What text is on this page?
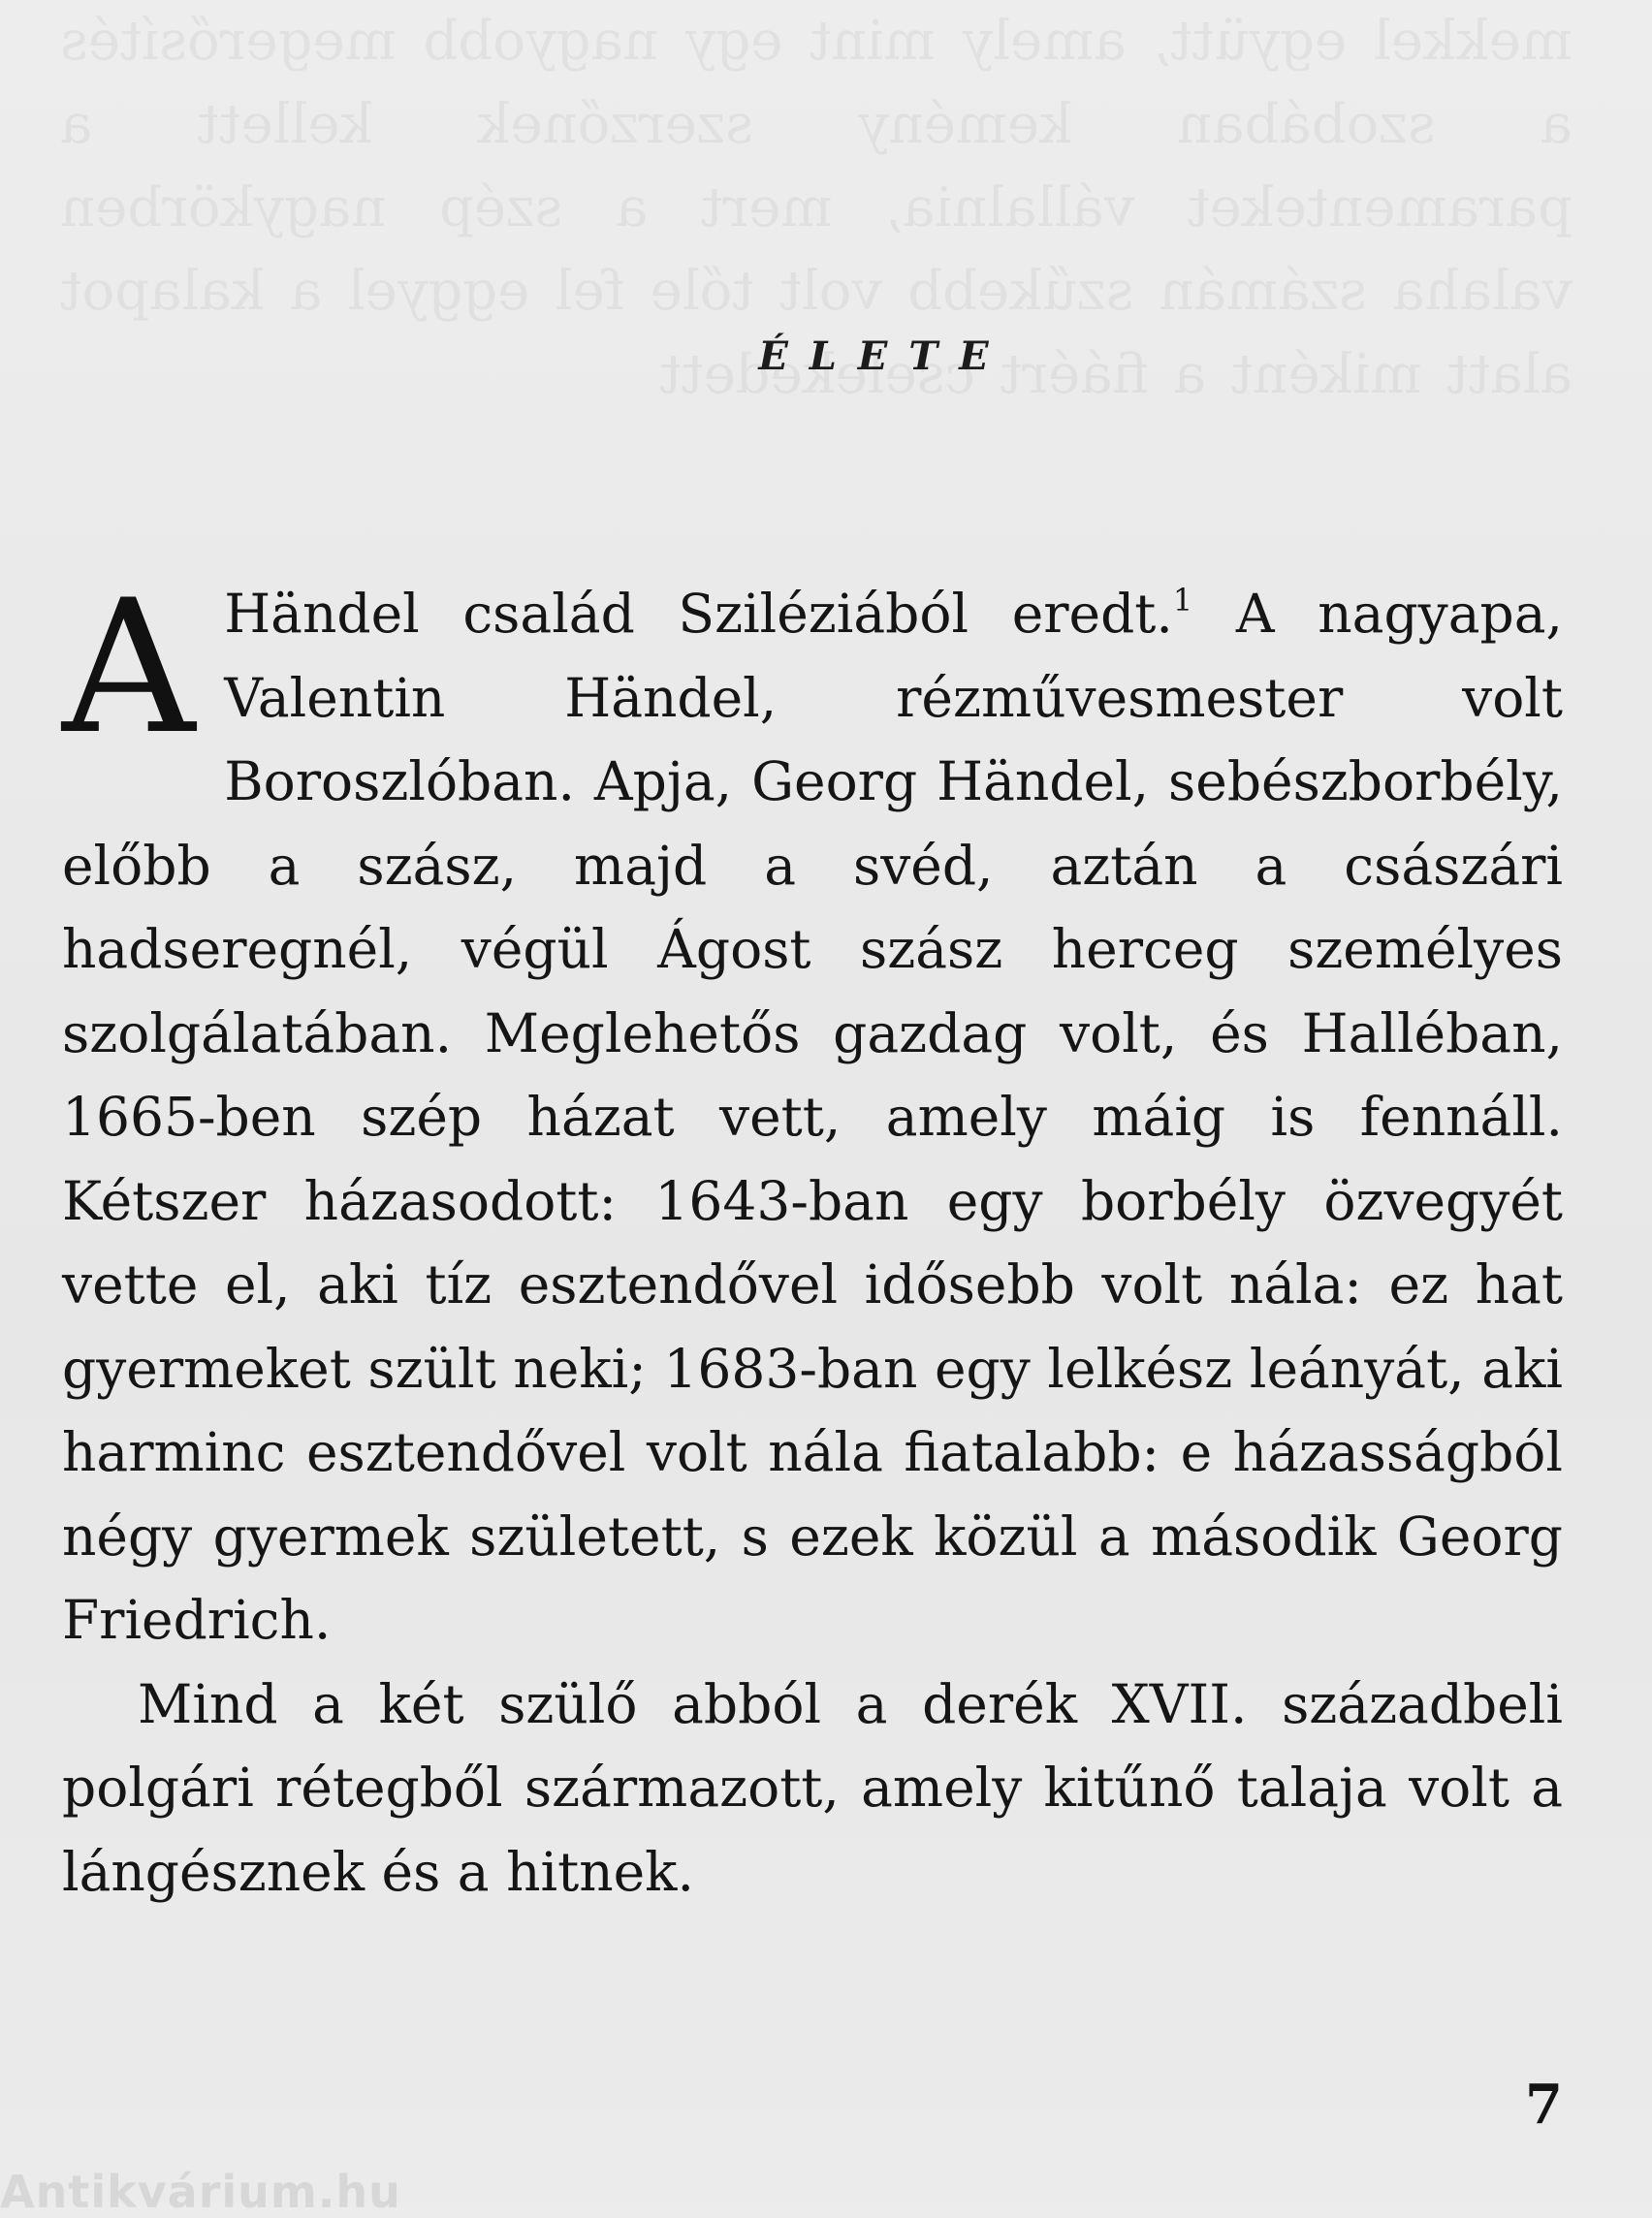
ÉLETE

A Händel család Sziléziából eredt.$^1$ A nagyapa, Valentin Händel, rézművesmester volt Boroszlóban. Apja, Georg Händel, sebészborbély, előbb a szász, majd a svéd, aztán a császári hadseregnél, végül Ágost szász herceg személyes szolgálatában. Meglehetős gazdag volt, és Halléban, 1665-ben szép házat vett, amely máig is fennáll. Kétszer házasodott: 1643-ban egy borbély özvegyét vette el, aki tíz esztendővel idősebb volt nála: ez hat gyermeket szült neki; 1683-ban egy lelkész leányát, aki harminc esztendővel volt nála fiatalabb: e házasságból négy gyermek született, s ezek közül a második Georg Friedrich.

Mind a két szülő abból a derék XVII. századbeli polgári rétegből származott, amely kitűnő talaja volt a lángésznek és a hitnek.

7
Antikvárium.hu
